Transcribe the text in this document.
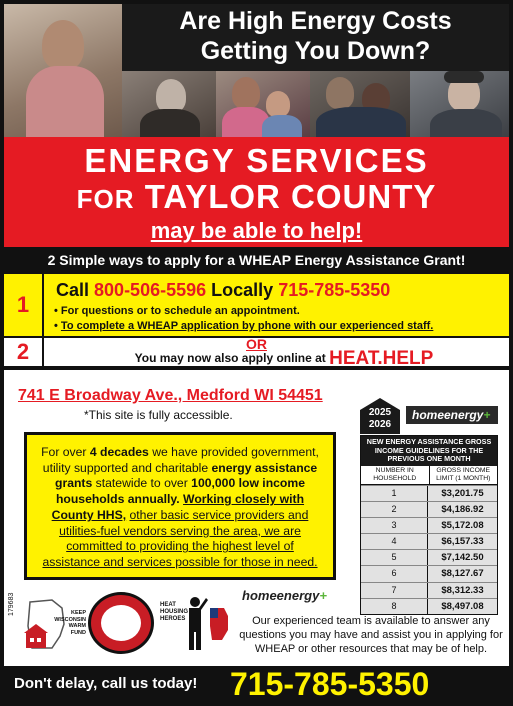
Are High Energy Costs
Getting You Down?
ENERGY SERVICES
FOR TAYLOR COUNTY
may be able to help!
2 Simple ways to apply for a WHEAP Energy Assistance Grant!
1
Call 800-506-5596 Locally 715-785-5350
• For questions or to schedule an appointment.
• To complete a WHEAP application by phone with our experienced staff.
2	OR
You may now also apply online at HEAT.HELP
741 E Broadway Ave., Medford WI 54451
*This site is fully accessible.
For over 4 decades we have provided government, utility supported and charitable energy assistance grants statewide to over 100,000 low income households annually. Working closely with County HHS, other basic service providers and utilities-fuel vendors serving the area, we are committed to providing the highest level of assistance and services possible for those in need.
KEEP WISCONSIN WARM FUND
HEAT HOUSING HEROES
179683
2025
2026
homeenergy+
NEW ENERGY ASSISTANCE GROSS INCOME GUIDELINES FOR THE PREVIOUS ONE MONTH
NUMBER IN HOUSEHOLD
GROSS INCOME LIMIT (1 MONTH)
1	$3,201.75
2	$4,186.92
3	$5,172.08
4	$6,157.33
5	$7,142.50
6	$8,127.67
7	$8,312.33
8	$8,497.08
homeenergy+
Our experienced team is available to answer any questions you may have and assist you in applying for WHEAP or other resources that may be of help.
Don't delay, call us today! 715-785-5350
